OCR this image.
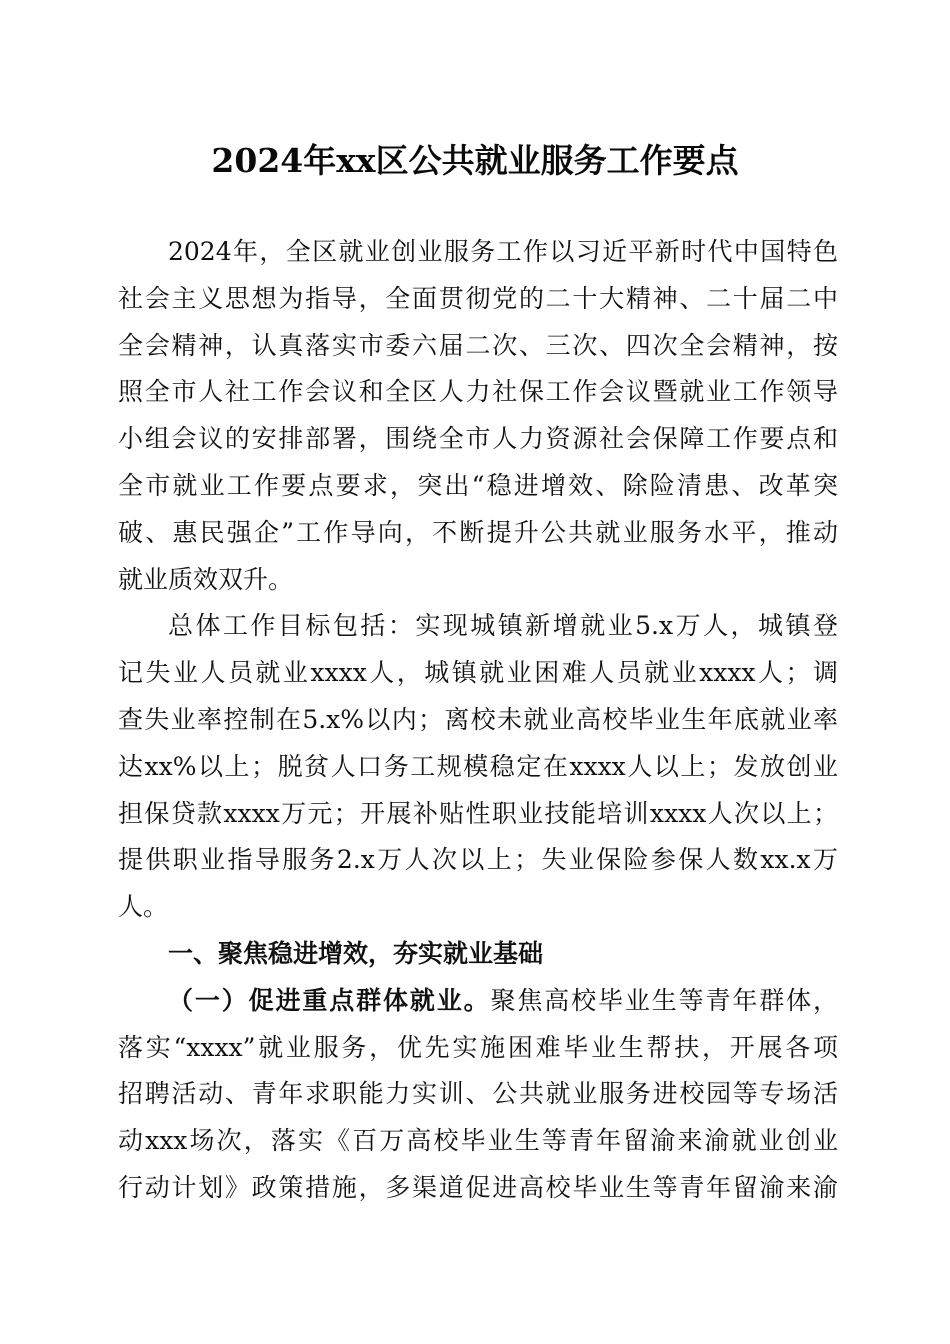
2024年xx区公共就业服务工作要点
2024年，全区就业创业服务工作以习近平新时代中国特色
社会主义思想为指导，全面贯彻党的二十大精神、二十届二中
全会精神，认真落实市委六届二次、三次、四次全会精神，按
照全市人社工作会议和全区人力社保工作会议暨就业工作领导
小组会议的安排部署，围绕全市人力资源社会保障工作要点和
全市就业工作要点要求，突出“稳进增效、除险清患、改革突
破、惠民强企”工作导向，不断提升公共就业服务水平，推动
就业质效双升。
总体工作目标包括：实现城镇新增就业5.x万人，城镇登
记失业人员就业xxxx人，城镇就业困难人员就业xxxx人；调
查失业率控制在5.x%以内；离校未就业高校毕业生年底就业率
达xx%以上；脱贫人口务工规模稳定在xxxx人以上；发放创业
担保贷款xxxx万元；开展补贴性职业技能培训xxxx人次以上；
提供职业指导服务2.x万人次以上；失业保险参保人数xx.x万
人。
一、聚焦稳进增效，夯实就业基础
（一）促进重点群体就业。聚焦高校毕业生等青年群体，
落实“xxxx”就业服务，优先实施困难毕业生帮扶，开展各项
招聘活动、青年求职能力实训、公共就业服务进校园等专场活
动xxx场次，落实《百万高校毕业生等青年留渝来渝就业创业
行动计划》政策措施，多渠道促进高校毕业生等青年留渝来渝
